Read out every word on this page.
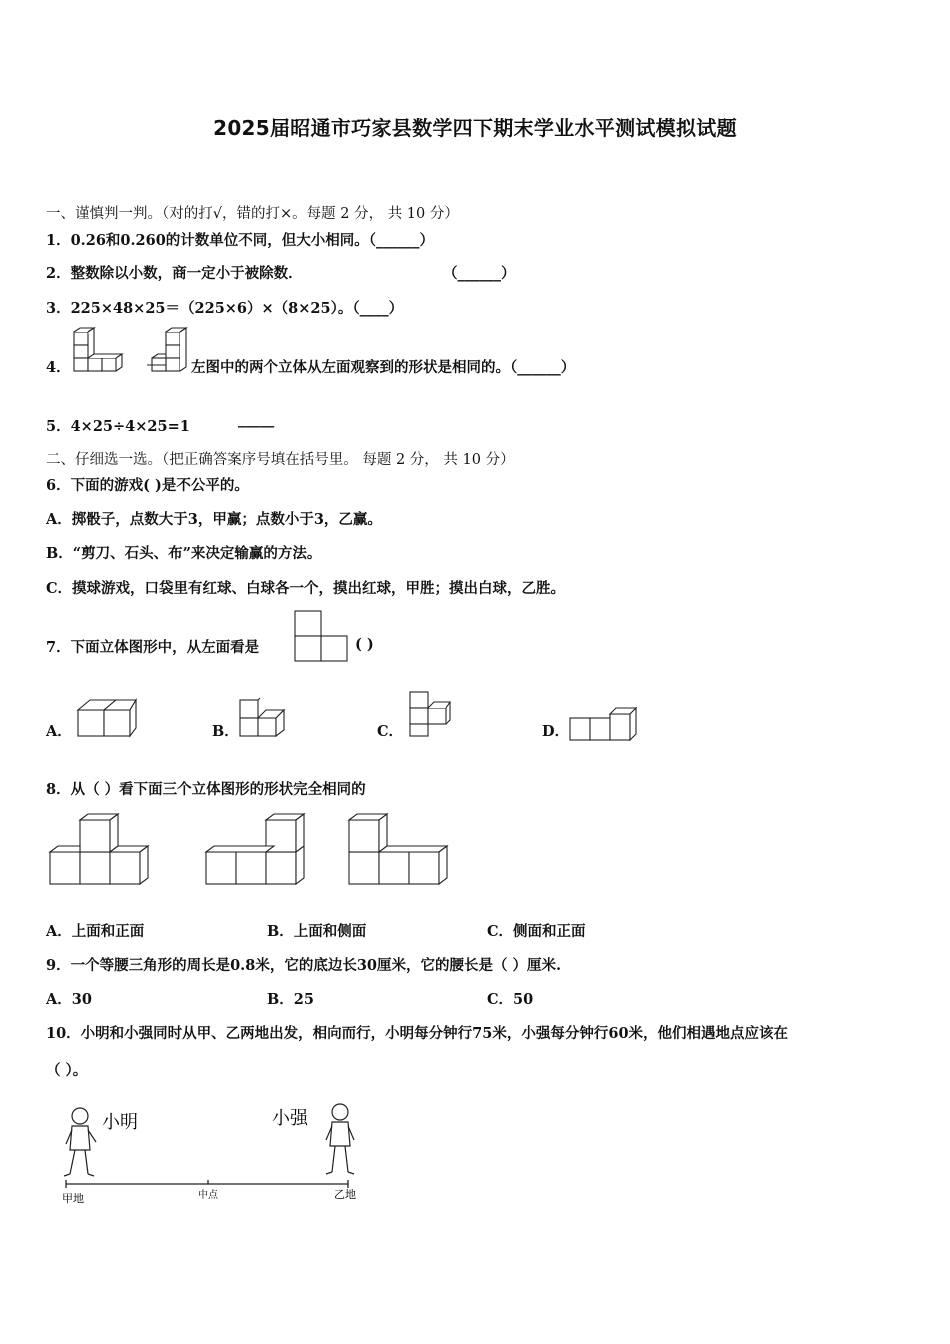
2025届昭通市巧家县数学四下期末学业水平测试模拟试题
一、谨慎判一判。（对的打√，错的打×。每题 2 分， 共 10 分）
1．0.26和0.260的计数单位不同，但大小相同。（______）
2．整数除以小数，商一定小于被除数．	（______）
3．225×48×25＝（225×6）×（8×25）。（____）
4．	左图中的两个立体从左面观察到的形状是相同的。（______）
5．4×25÷4×25=1	_____
二、仔细选一选。（把正确答案序号填在括号里。 每题 2 分， 共 10 分）
6．下面的游戏( )是不公平的。
A．掷骰子，点数大于3，甲赢；点数小于3，乙赢。
B．“剪刀、石头、布”来决定输赢的方法。
C．摸球游戏，口袋里有红球、白球各一个，摸出红球，甲胜；摸出白球，乙胜。
7．下面立体图形中，从左面看是	( )
A．	B．	C．	D．
8．从（ ）看下面三个立体图形的形状完全相同的
A．上面和正面	B．上面和侧面	C．侧面和正面
9．一个等腰三角形的周长是0.8米，它的底边长30厘米，它的腰长是（ ）厘米.
A．30	B．25	C．50
10．小明和小强同时从甲、乙两地出发，相向而行，小明每分钟行75米，小强每分钟行60米，他们相遇地点应该在
（ ）。
小明	小强
甲地	中点	乙地
